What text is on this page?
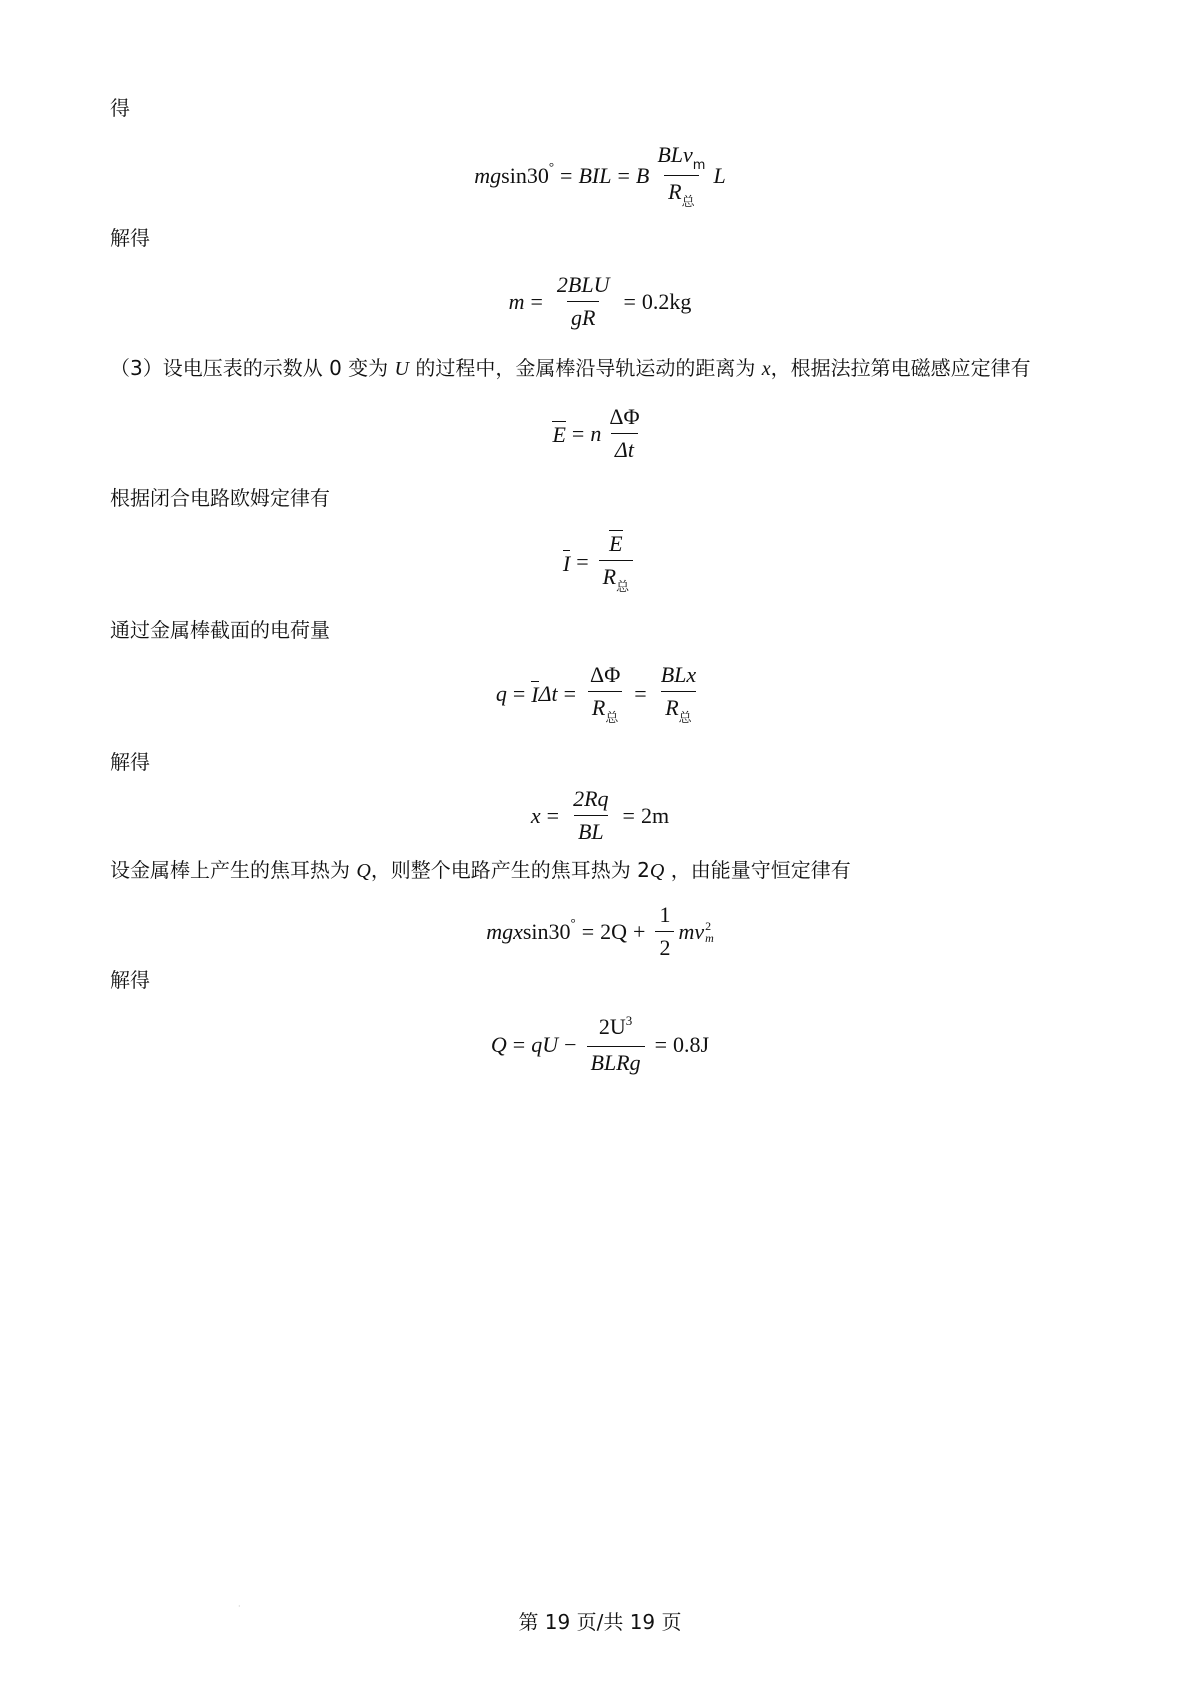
得
mg sin30 ° = BIL = B $\frac{BLv_m}{R_总}$ L
解得
$m = \frac{\text{2BLU}}{gR} = 0.2kg$
（3）设电压表的示数从 0 变为 U 的过程中，金属棒沿导轨运动的距离为 x，根据法拉第电磁感应定律有
E = n $\frac{\Delta\Phi}{\Delta t}$
根据闭合电路欧姆定律有
$I = \frac{E}{R_总}$
通过金属棒截面的电荷量
q = I $\Delta t = \frac{\Delta\Phi}{R_总} = \frac{\text{BLx}}{R_总}$
解得
$x = \frac{2Rq}{BL} = 2m$
设金属棒上产生的焦耳热为 Q，则整个电路产生的焦耳热为 2Q ，由能量守恒定律有
mgx sin30 ° = $2Q + \frac{1}{2}$ mv 2
m
解得
Q = qU − $\frac{2U^3}{\text{BLRg}} = 0.8J$
·
第 19 页/共 19 页
